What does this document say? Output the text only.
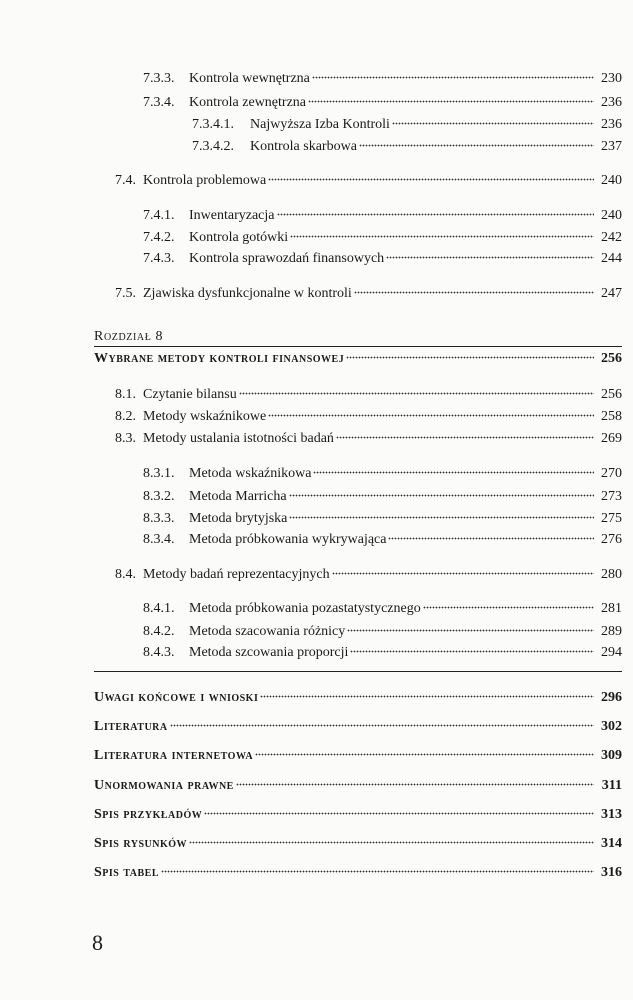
7.3.3.	Kontrola wewnętrzna	230
7.3.4.	Kontrola zewnętrzna	236
7.3.4.1.	Najwyższa Izba Kontroli	236
7.3.4.2.	Kontrola skarbowa	237
7.4. Kontrola problemowa	240
7.4.1.	Inwentaryzacja	240
7.4.2.	Kontrola gotówki	242
7.4.3.	Kontrola sprawozdań finansowych	244
7.5. Zjawiska dysfunkcjonalne w kontroli	247
Rozdział 8
Wybrane metody kontroli finansowej	256
8.1. Czytanie bilansu	256
8.2. Metody wskaźnikowe	258
8.3. Metody ustalania istotności badań	269
8.3.1.	Metoda wskaźnikowa	270
8.3.2.	Metoda Marricha	273
8.3.3.	Metoda brytyjska	275
8.3.4.	Metoda próbkowania wykrywająca	276
8.4. Metody badań reprezentacyjnych	280
8.4.1.	Metoda próbkowania pozastatystycznego	281
8.4.2.	Metoda szacowania różnicy	289
8.4.3.	Metoda szcowania proporcji	294
Uwagi końcowe i wnioski	296
Literatura	302
Literatura internetowa	309
Unormowania prawne	311
Spis przykładów	313
Spis rysunków	314
Spis tabel	316
8
